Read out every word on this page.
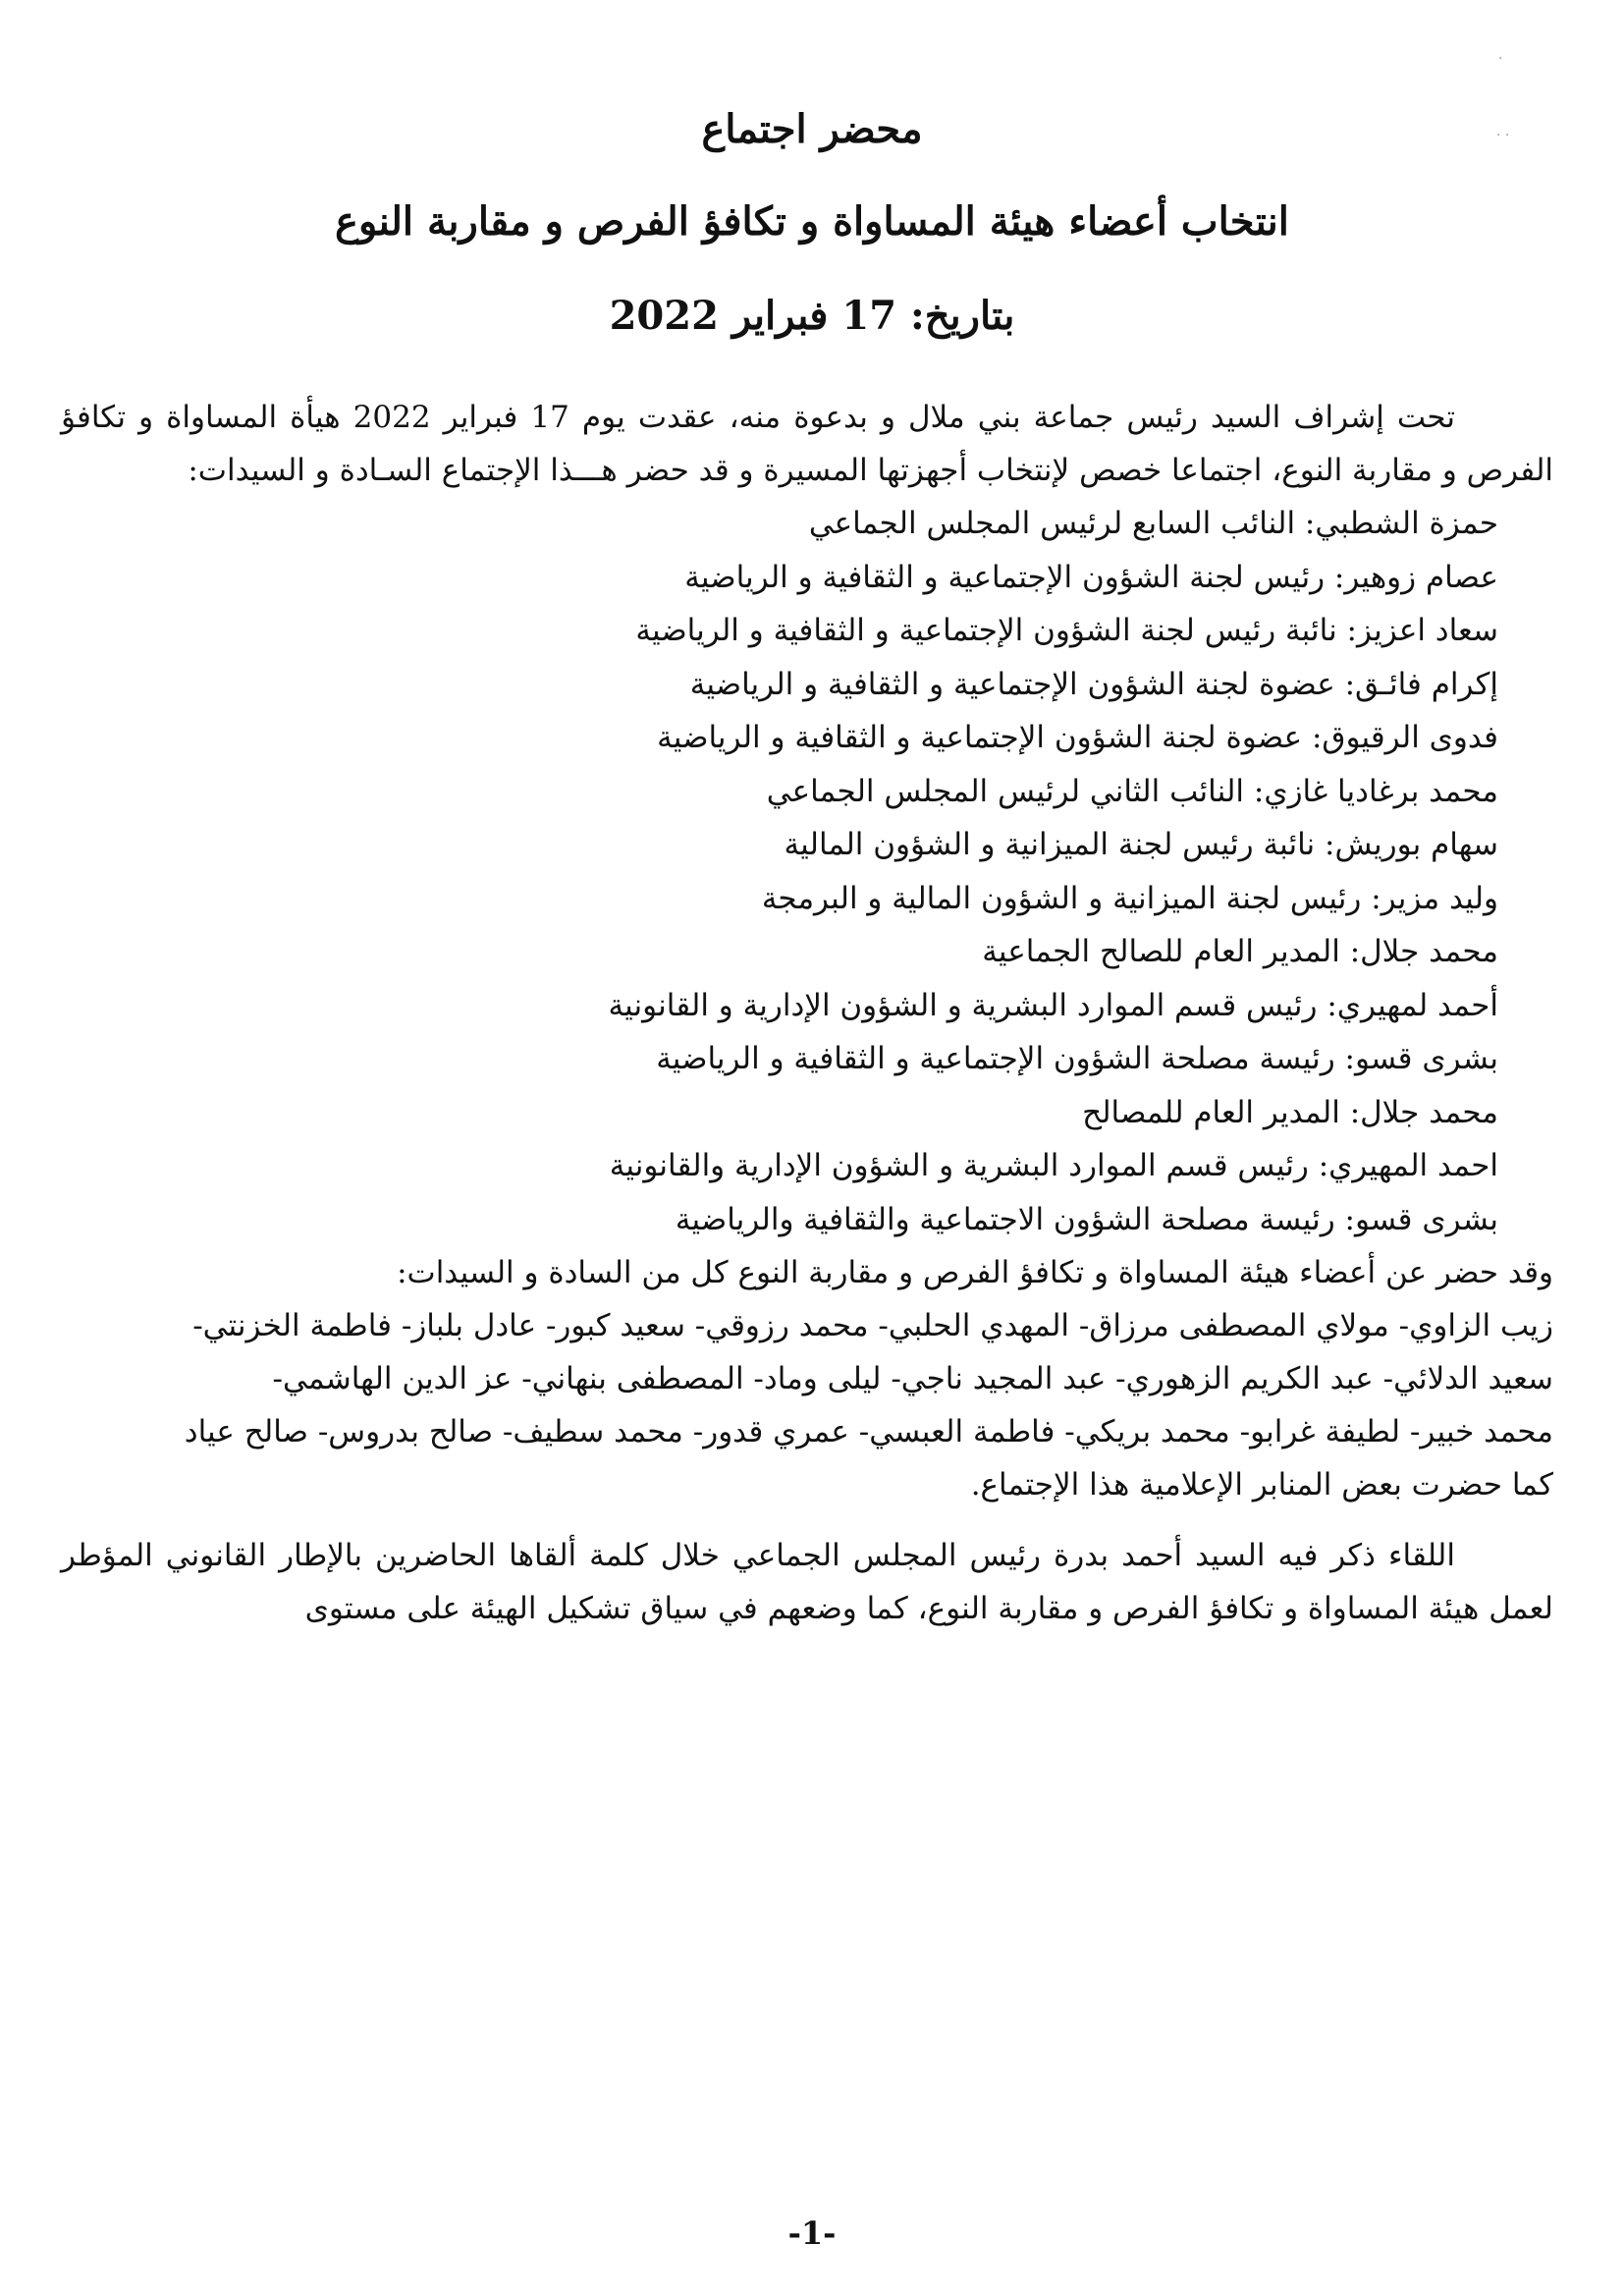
·
· ·
محضر اجتماع
انتخاب أعضاء هيئة المساواة و تكافؤ الفرص و مقاربة النوع
بتاريخ: 17 فبراير 2022

تحت إشراف السيد رئيس جماعة بني ملال و بدعوة منه، عقدت يوم 17 فبراير 2022 هيأة المساواة و تكافؤ الفرص و مقاربة النوع، اجتماعا خصص لإنتخاب أجهزتها المسيرة و قد حضر هـــذا الإجتماع السـادة و السيدات:

حمزة الشطبي: النائب السابع لرئيس المجلس الجماعي
عصام زوهير: رئيس لجنة الشؤون الإجتماعية و الثقافية و الرياضية
سعاد اعزيز: نائبة رئيس لجنة الشؤون الإجتماعية و الثقافية و الرياضية
إكرام فائـق: عضوة لجنة الشؤون الإجتماعية و الثقافية و الرياضية
فدوى الرقيوق: عضوة لجنة الشؤون الإجتماعية و الثقافية و الرياضية
محمد برغاديا غازي: النائب الثاني لرئيس المجلس الجماعي
سهام بوريش: نائبة رئيس لجنة الميزانية و الشؤون المالية
وليد مزير: رئيس لجنة الميزانية و الشؤون المالية و البرمجة
محمد جلال: المدير العام للصالح الجماعية
أحمد لمهيري: رئيس قسم الموارد البشرية و الشؤون الإدارية و القانونية
بشرى قسو: رئيسة مصلحة الشؤون الإجتماعية و الثقافية و الرياضية
محمد جلال: المدير العام للمصالح
احمد المهيري: رئيس قسم الموارد البشرية و الشؤون الإدارية والقانونية
بشرى قسو: رئيسة مصلحة الشؤون الاجتماعية والثقافية والرياضية

وقد حضر عن أعضاء هيئة المساواة و تكافؤ الفرص و مقاربة النوع كل من السادة و السيدات:

زيب الزاوي- مولاي المصطفى مرزاق- المهدي الحلبي- محمد رزوقي- سعيد كبور- عادل بلباز- فاطمة الخزنتي-
سعيد الدلائي- عبد الكريم الزهوري- عبد المجيد ناجي- ليلى وماد- المصطفى بنهاني- عز الدين الهاشمي-
محمد خبير- لطيفة غرابو- محمد بريكي- فاطمة العبسي- عمري قدور- محمد سطيف- صالح بدروس- صالح عياد

كما حضرت بعض المنابر الإعلامية هذا الإجتماع.

اللقاء ذكر فيه السيد أحمد بدرة رئيس المجلس الجماعي خلال كلمة ألقاها الحاضرين بالإطار القانوني المؤطر لعمل هيئة المساواة و تكافؤ الفرص و مقاربة النوع، كما وضعهم في سياق تشكيل الهيئة على مستوى

-1-
